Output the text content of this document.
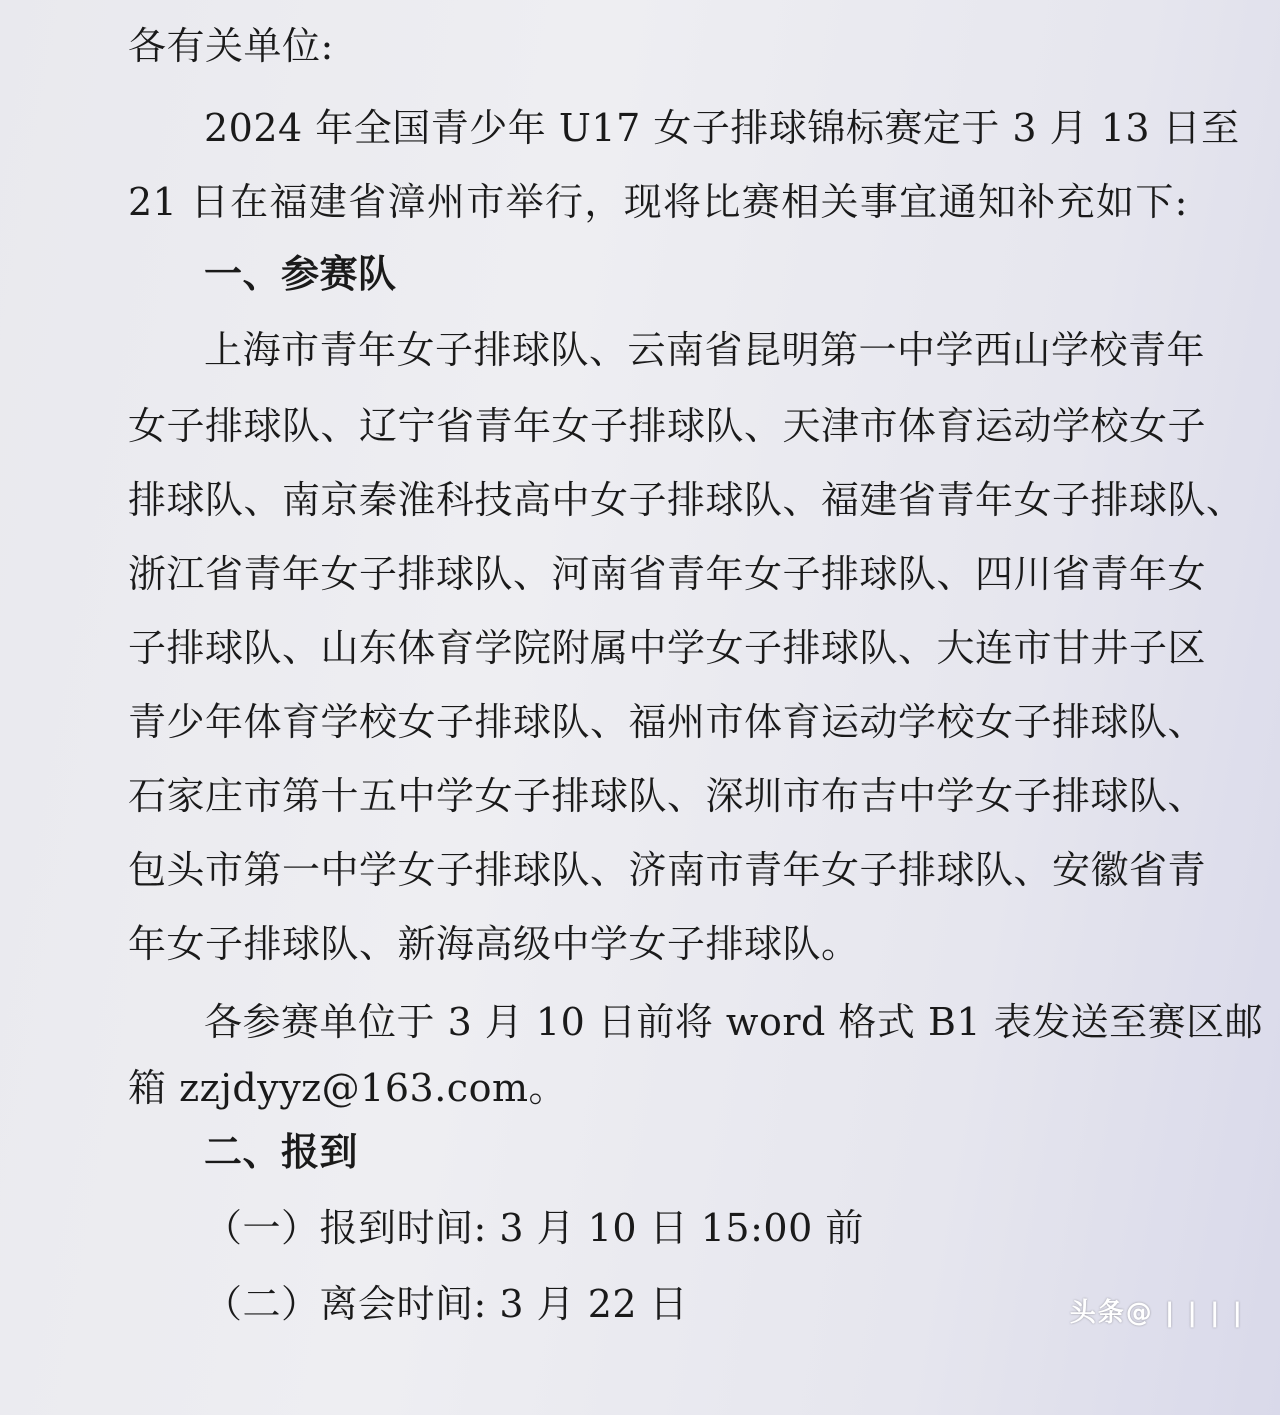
各有关单位:
2024 年全国青少年 U17 女子排球锦标赛定于 3 月 13 日至
21 日在福建省漳州市举行，现将比赛相关事宜通知补充如下:
一、参赛队
上海市青年女子排球队、云南省昆明第一中学西山学校青年
女子排球队、辽宁省青年女子排球队、天津市体育运动学校女子
排球队、南京秦淮科技高中女子排球队、福建省青年女子排球队、
浙江省青年女子排球队、河南省青年女子排球队、四川省青年女
子排球队、山东体育学院附属中学女子排球队、大连市甘井子区
青少年体育学校女子排球队、福州市体育运动学校女子排球队、
石家庄市第十五中学女子排球队、深圳市布吉中学女子排球队、
包头市第一中学女子排球队、济南市青年女子排球队、安徽省青
年女子排球队、新海高级中学女子排球队。
各参赛单位于 3 月 10 日前将 word 格式 B1 表发送至赛区邮
箱 zzjdyyz@163.com。
二、报到
（一）报到时间: 3 月 10 日 15:00 前
（二）离会时间: 3 月 22 日	头条@ | | | |
